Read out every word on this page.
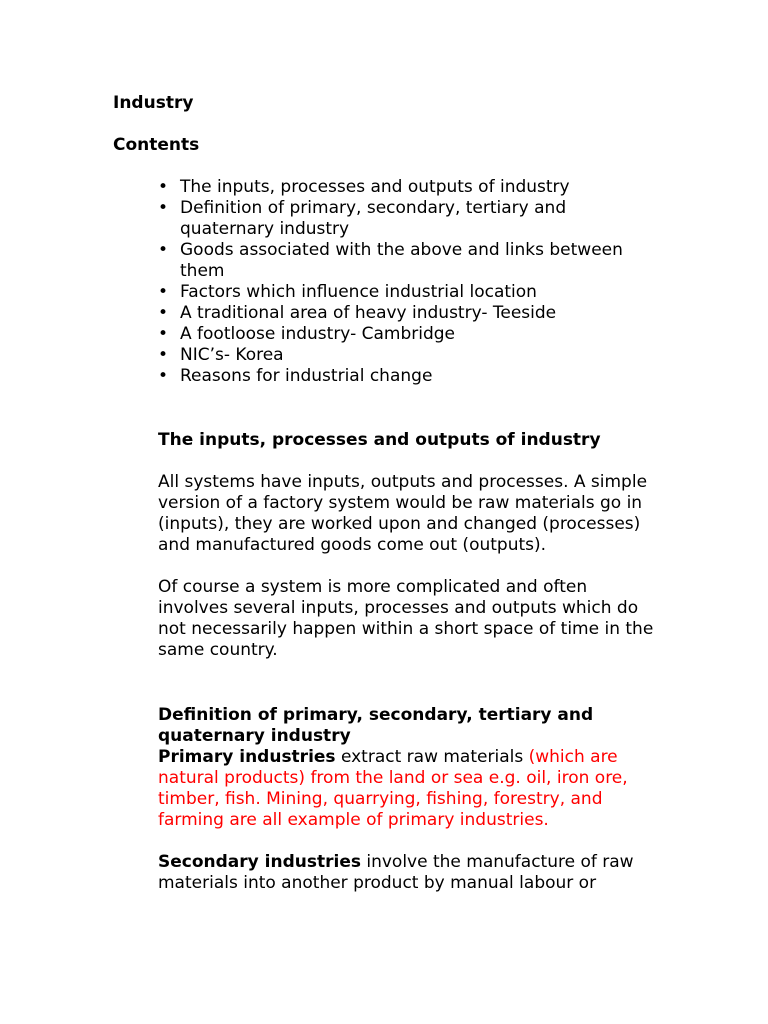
Industry

Contents

• The inputs, processes and outputs of industry
• Definition of primary, secondary, tertiary and quaternary industry
• Goods associated with the above and links between them
• Factors which influence industrial location
• A traditional area of heavy industry- Teeside
• A footloose industry- Cambridge
• NIC’s- Korea
• Reasons for industrial change
The inputs, processes and outputs of industry

All systems have inputs, outputs and processes. A simple version of a factory system would be raw materials go in (inputs), they are worked upon and changed (processes) and manufactured goods come out (outputs).

Of course a system is more complicated and often involves several inputs, processes and outputs which do not necessarily happen within a short space of time in the same country.

Definition of primary, secondary, tertiary and quaternary industry

Primary industries extract raw materials (which are natural products) from the land or sea e.g. oil, iron ore, timber, fish. Mining, quarrying, fishing, forestry, and farming are all example of primary industries.

Secondary industries involve the manufacture of raw materials into another product by manual labour or
